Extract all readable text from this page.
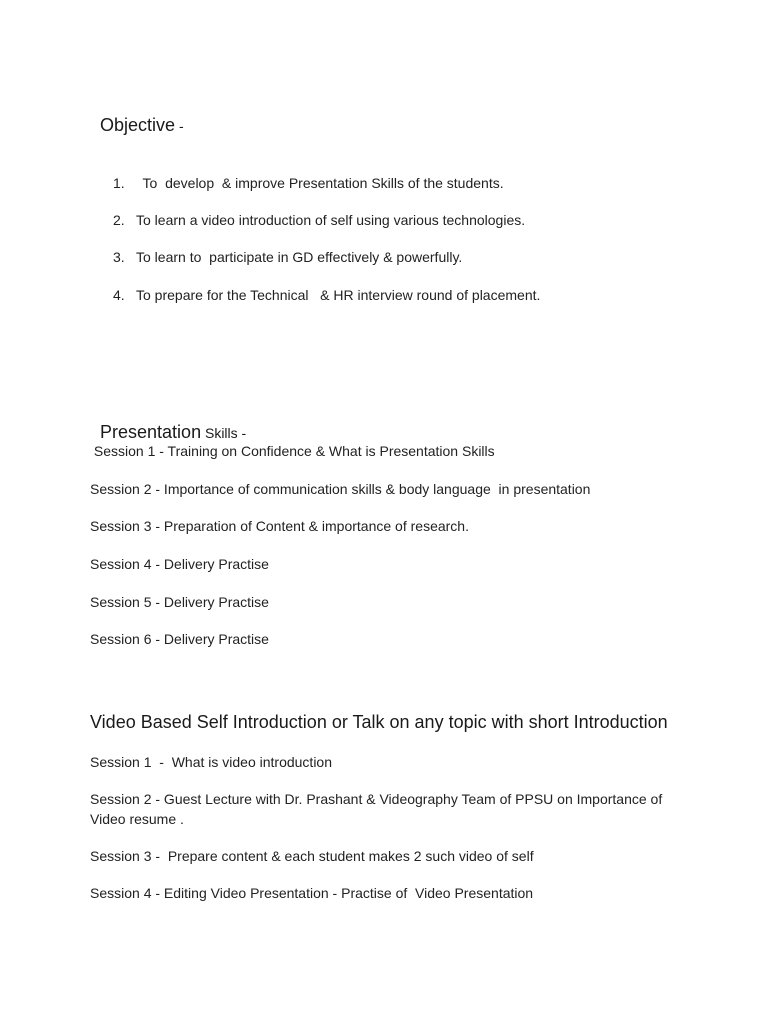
Objective -

1. To  develop  & improve Presentation Skills of the students.
2. To learn a video introduction of self using various technologies.
3. To learn to  participate in GD effectively & powerfully.
4. To prepare for the Technical   & HR interview round of placement.

Presentation Skills -

Session 1 - Training on Confidence & What is Presentation Skills
Session 2 - Importance of communication skills & body language  in presentation
Session 3 - Preparation of Content & importance of research.
Session 4 - Delivery Practise
Session 5 - Delivery Practise
Session 6 - Delivery Practise
Video Based Self Introduction or Talk on any topic with short Introduction
Session 1  -  What is video introduction
Session 2 - Guest Lecture with Dr. Prashant & Videography Team of PPSU on Importance of Video resume .
Session 3 -  Prepare content & each student makes 2 such video of self
Session 4 - Editing Video Presentation - Practise of  Video Presentation
